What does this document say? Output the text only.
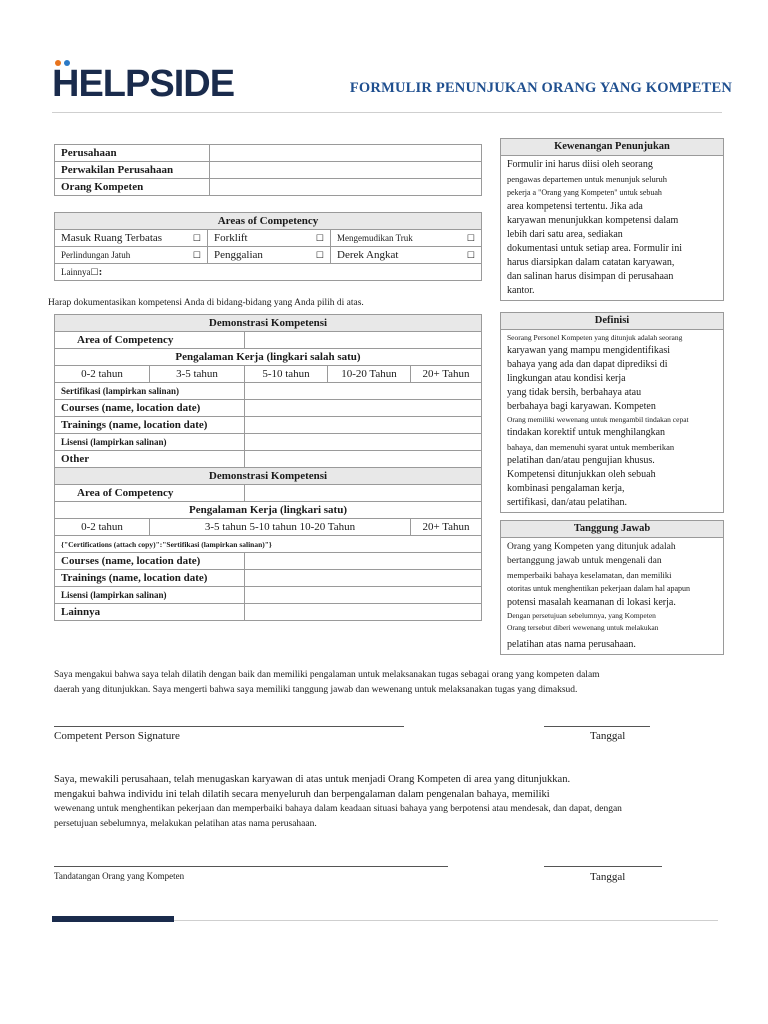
HELPSIDE	FORMULIR PENUNJUKAN ORANG YANG KOMPETEN
Perusahaan	
Perwakilan Perusahaan	
Orang Kompeten	
Areas of Competency		
Masuk Ruang Terbatas ☐	Forklift ☐	Mengemudikan Truk ☐

Perlindungan Jatuh ☐	Penggalian ☐	Derek Angkat ☐

Lainnya☐:		
Harap dokumentasikan kompetensi Anda di bidang-bidang yang Anda pilih di atas.
Demonstrasi Kompetensi				
Area of Competency				
Pengalaman Kerja (lingkari salah satu)				
0-2 tahun	3-5 tahun	5-10 tahun	10-20 Tahun	20+ Tahun
Sertifikasi (lampirkan salinan)				
Courses (name, location date)				
Trainings (name, location date)				
Lisensi (lampirkan salinan)				
Other				
Demonstrasi Kompetensi				
Area of Competency				
Pengalaman Kerja (lingkari satu)				
0-2 tahun	3-5 tahun 5-10 tahun 10-20 Tahun			20+ Tahun
{"Certifications (attach copy)":"Sertifikasi (lampirkan salinan)"}				
Courses (name, location date)				
Trainings (name, location date)				
Lisensi (lampirkan salinan)				
Lainnya				
Kewenangan Penunjukan
Formulir ini harus diisi oleh seorang
pengawas departemen untuk menunjuk seluruh
pekerja a "Orang yang Kompeten" untuk sebuah
area kompetensi tertentu. Jika ada
karyawan menunjukkan kompetensi dalam
lebih dari satu area, sediakan
dokumentasi untuk setiap area. Formulir ini
harus diarsipkan dalam catatan karyawan,
dan salinan harus disimpan di perusahaan
kantor.
Definisi
Seorang Personel Kompeten yang ditunjuk adalah seorang
karyawan yang mampu mengidentifikasi
bahaya yang ada dan dapat diprediksi di
lingkungan atau kondisi kerja
yang tidak bersih, berbahaya atau
berbahaya bagi karyawan. Kompeten
Orang memiliki wewenang untuk mengambil tindakan cepat
tindakan korektif untuk menghilangkan
bahaya, dan memenuhi syarat untuk memberikan
pelatihan dan/atau pengujian khusus.
Kompetensi ditunjukkan oleh sebuah
kombinasi pengalaman kerja,
sertifikasi, dan/atau pelatihan.
Tanggung Jawab
Orang yang Kompeten yang ditunjuk adalah
bertanggung jawab untuk mengenali dan
memperbaiki bahaya keselamatan, dan memiliki
otoritas untuk menghentikan pekerjaan dalam hal apapun
potensi masalah keamanan di lokasi kerja.
Dengan persetujuan sebelumnya, yang Kompeten
Orang tersebut diberi wewenang untuk melakukan
pelatihan atas nama perusahaan.
Saya mengakui bahwa saya telah dilatih dengan baik dan memiliki pengalaman untuk melaksanakan tugas sebagai orang yang kompeten dalam
daerah yang ditunjukkan. Saya mengerti bahwa saya memiliki tanggung jawab dan wewenang untuk melaksanakan tugas yang dimaksud.
Competent Person Signature	Tanggal
Saya, mewakili perusahaan, telah menugaskan karyawan di atas untuk menjadi Orang Kompeten di area yang ditunjukkan.
mengakui bahwa individu ini telah dilatih secara menyeluruh dan berpengalaman dalam pengenalan bahaya, memiliki
wewenang untuk menghentikan pekerjaan dan memperbaiki bahaya dalam keadaan situasi bahaya yang berpotensi atau mendesak, dan dapat, dengan
persetujuan sebelumnya, melakukan pelatihan atas nama perusahaan.
Tandatangan Orang yang Kompeten	Tanggal
